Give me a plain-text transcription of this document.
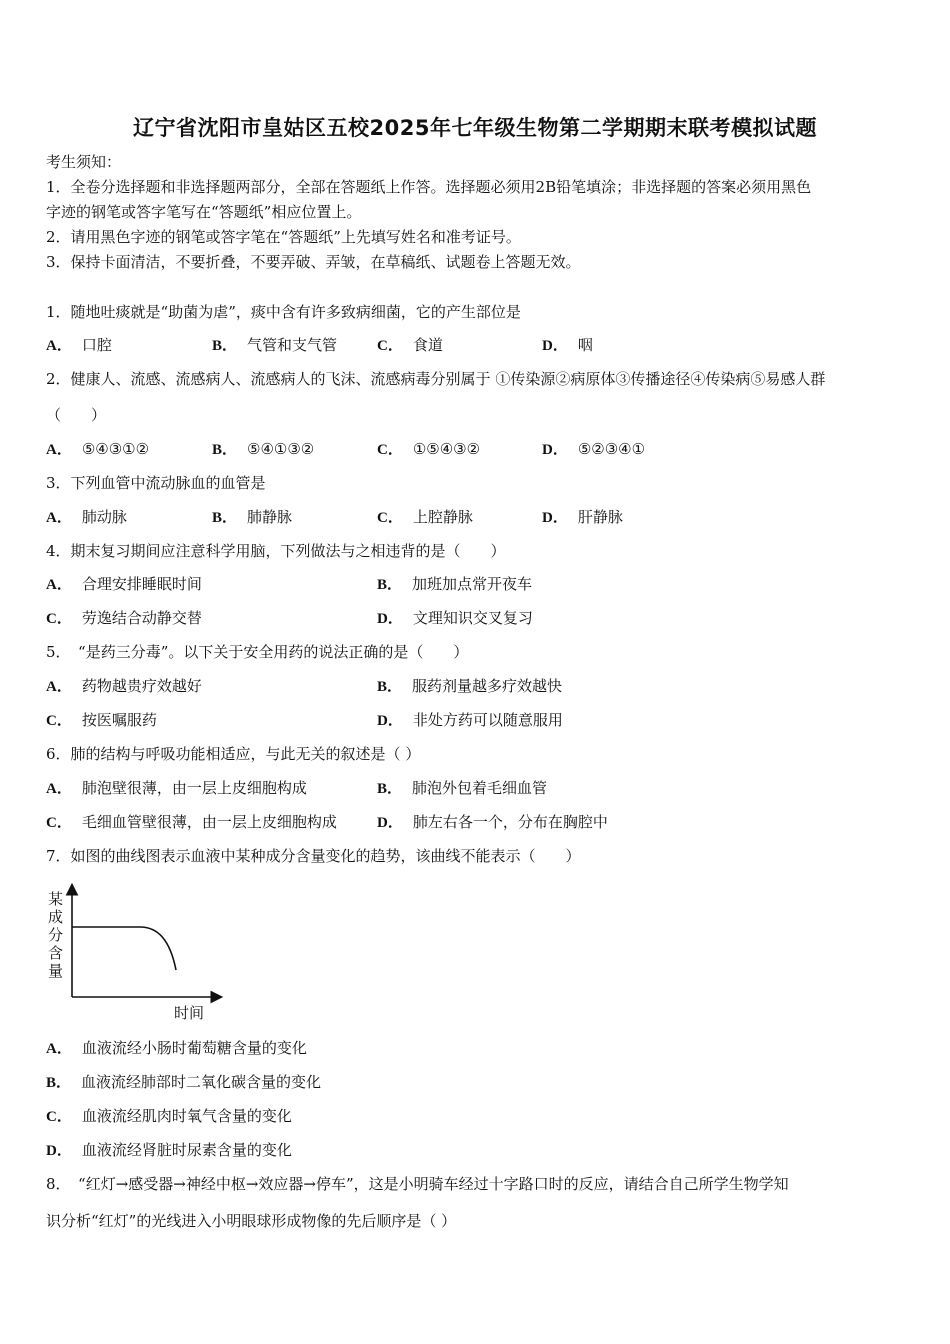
辽宁省沈阳市皇姑区五校2025年七年级生物第二学期期末联考模拟试题
考生须知：
1．全卷分选择题和非选择题两部分，全部在答题纸上作答。选择题必须用2B铅笔填涂；非选择题的答案必须用黑色
字迹的钢笔或答字笔写在“答题纸”相应位置上。
2．请用黑色字迹的钢笔或答字笔在“答题纸”上先填写姓名和准考证号。
3．保持卡面清洁，不要折叠，不要弄破、弄皱，在草稿纸、试题卷上答题无效。
1．随地吐痰就是“助菌为虐”，痰中含有许多致病细菌，它的产生部位是
A． 口腔	B． 气管和支气管	C． 食道	D． 咽
2．健康人、流感、流感病人、流感病人的飞沫、流感病毒分别属于 ①传染源②病原体③传播途径④传染病⑤易感人群
（　　）
A． ⑤④③①②	B． ⑤④①③②	C． ①⑤④③②	D． ⑤②③④①
3．下列血管中流动脉血的血管是
A． 肺动脉	B． 肺静脉	C． 上腔静脉	D． 肝静脉
4．期末复习期间应注意科学用脑，下列做法与之相违背的是（　　）
A． 合理安排睡眠时间	B． 加班加点常开夜车
C． 劳逸结合动静交替	D． 文理知识交叉复习
5．　“是药三分毒”。以下关于安全用药的说法正确的是（　　）
A． 药物越贵疗效越好	B． 服药剂量越多疗效越快
C． 按医嘱服药	D． 非处方药可以随意服用
6．肺的结构与呼吸功能相适应，与此无关的叙述是（ ）
A． 肺泡壁很薄，由一层上皮细胞构成	B． 肺泡外包着毛细血管
C． 毛细血管壁很薄，由一层上皮细胞构成	D． 肺左右各一个，分布在胸腔中
7．如图的曲线图表示血液中某种成分含量变化的趋势，该曲线不能表示（　　）
某
成
分
含
量
时间
A． 血液流经小肠时葡萄糖含量的变化
B． 血液流经肺部时二氧化碳含量的变化
C． 血液流经肌肉时氧气含量的变化
D． 血液流经肾脏时尿素含量的变化
8．　“红灯→感受器→神经中枢→效应器→停车”，这是小明骑车经过十字路口时的反应，请结合自己所学生物学知
识分析“红灯”的光线进入小明眼球形成物像的先后顺序是（ ）
